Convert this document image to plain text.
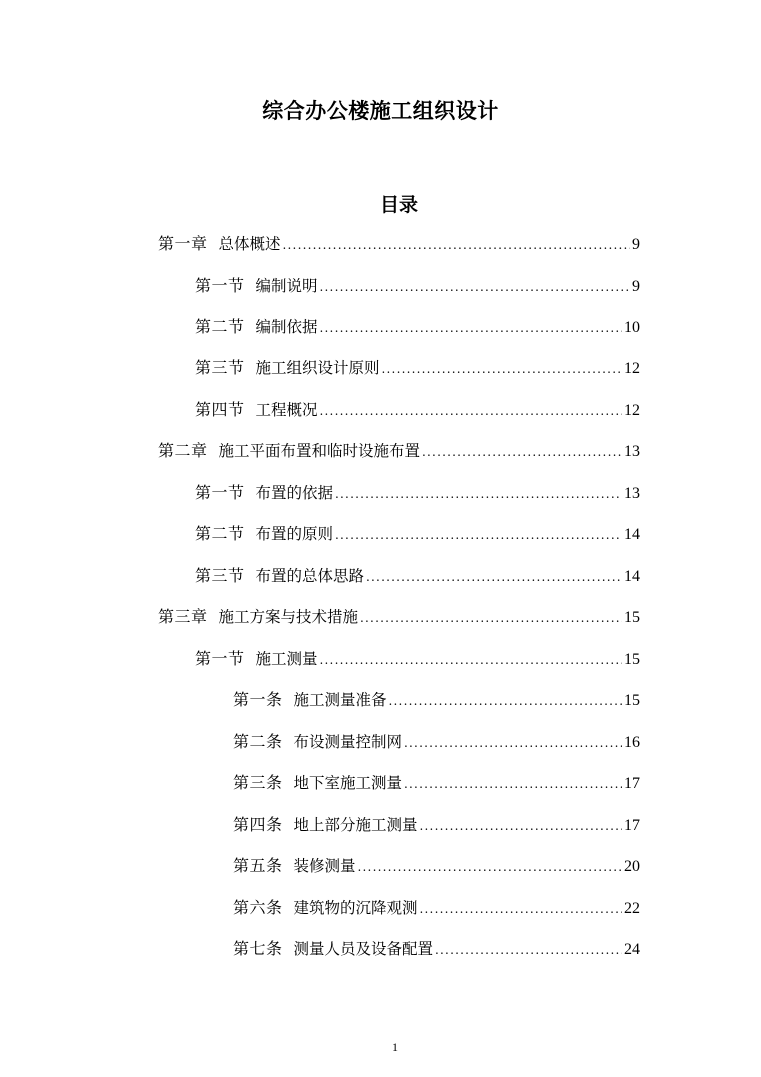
综合办公楼施工组织设计
目录
第一章 总体概述 .....	9
第一节 编制说明 .....	9
第二节 编制依据 .....	10
第三节 施工组织设计原则 .....	12
第四节 工程概况 .....	12
第二章 施工平面布置和临时设施布置 .....	13
第一节 布置的依据 .....	13
第二节 布置的原则 .....	14
第三节 布置的总体思路 .....	14
第三章 施工方案与技术措施 .....	15
第一节 施工测量 .....	15
第一条 施工测量准备 .....	15
第二条 布设测量控制网 .....	16
第三条 地下室施工测量 .....	17
第四条 地上部分施工测量 .....	17
第五条 装修测量 .....	20
第六条 建筑物的沉降观测 .....	22
第七条 测量人员及设备配置 .....	24
1
